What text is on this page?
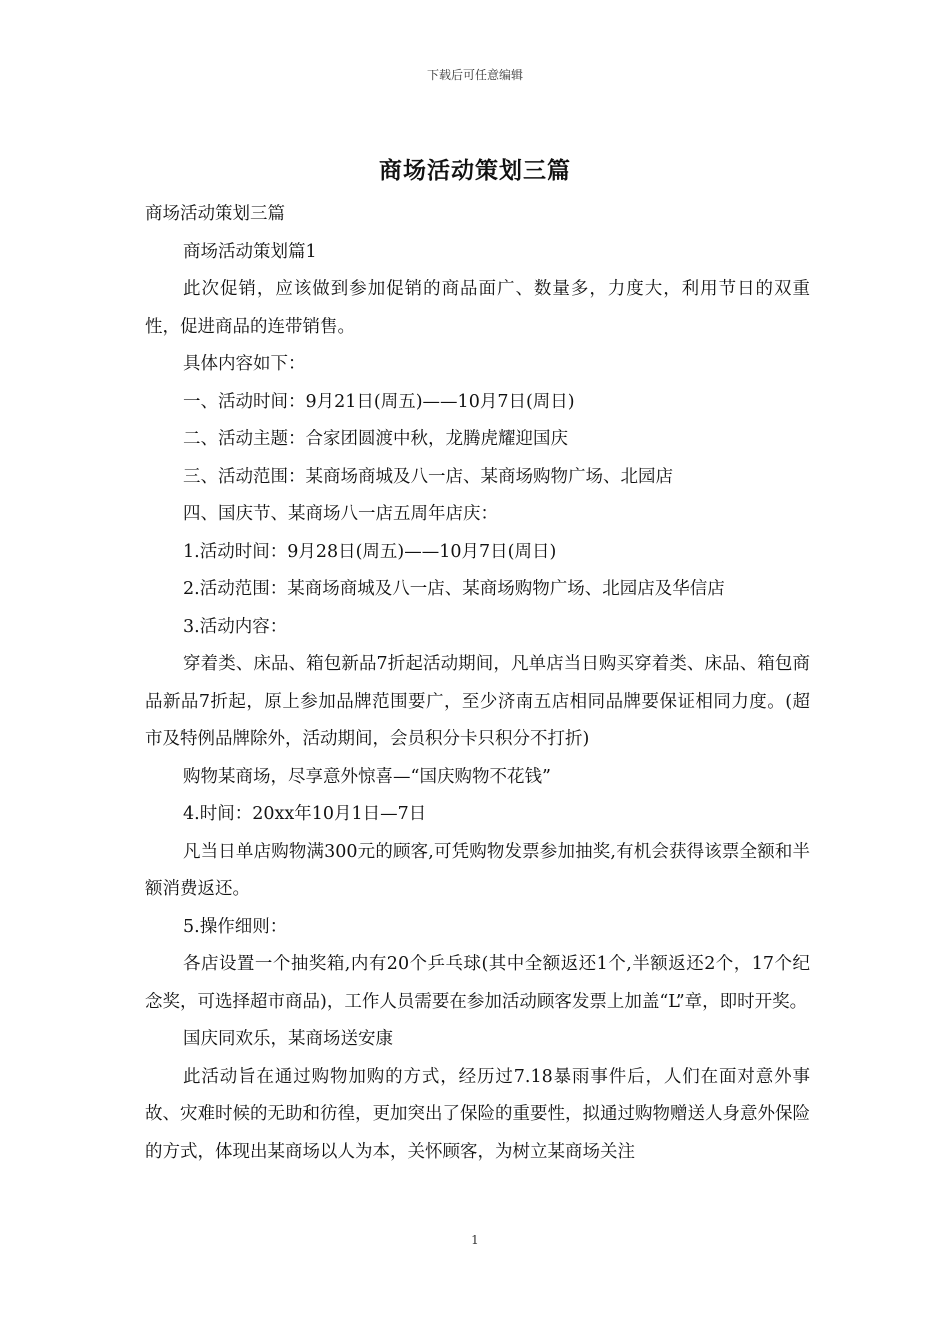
下载后可任意编辑
商场活动策划三篇

商场活动策划三篇

商场活动策划篇1

此次促销，应该做到参加促销的商品面广、数量多，力度大，利用节日的双重性，促进商品的连带销售。

具体内容如下：

一、活动时间：9月21日(周五)——10月7日(周日)

二、活动主题：合家团圆渡中秋，龙腾虎耀迎国庆

三、活动范围：某商场商城及八一店、某商场购物广场、北园店

四、国庆节、某商场八一店五周年店庆：

1.活动时间：9月28日(周五)——10月7日(周日)

2.活动范围：某商场商城及八一店、某商场购物广场、北园店及华信店

3.活动内容：

穿着类、床品、箱包新品7折起活动期间，凡单店当日购买穿着类、床品、箱包商品新品7折起，原上参加品牌范围要广，至少济南五店相同品牌要保证相同力度。(超市及特例品牌除外，活动期间，会员积分卡只积分不打折)

购物某商场，尽享意外惊喜—“国庆购物不花钱”

4.时间：20xx年10月1日—7日

凡当日单店购物满300元的顾客,可凭购物发票参加抽奖,有机会获得该票全额和半额消费返还。

5.操作细则：

各店设置一个抽奖箱,内有20个乒乓球(其中全额返还1个,半额返还2个，17个纪念奖，可选择超市商品)，工作人员需要在参加活动顾客发票上加盖“L”章，即时开奖。

国庆同欢乐，某商场送安康

此活动旨在通过购物加购的方式，经历过7.18暴雨事件后，人们在面对意外事故、灾难时候的无助和彷徨，更加突出了保险的重要性，拟通过购物赠送人身意外保险的方式，体现出某商场以人为本，关怀顾客，为树立某商场关注

1
